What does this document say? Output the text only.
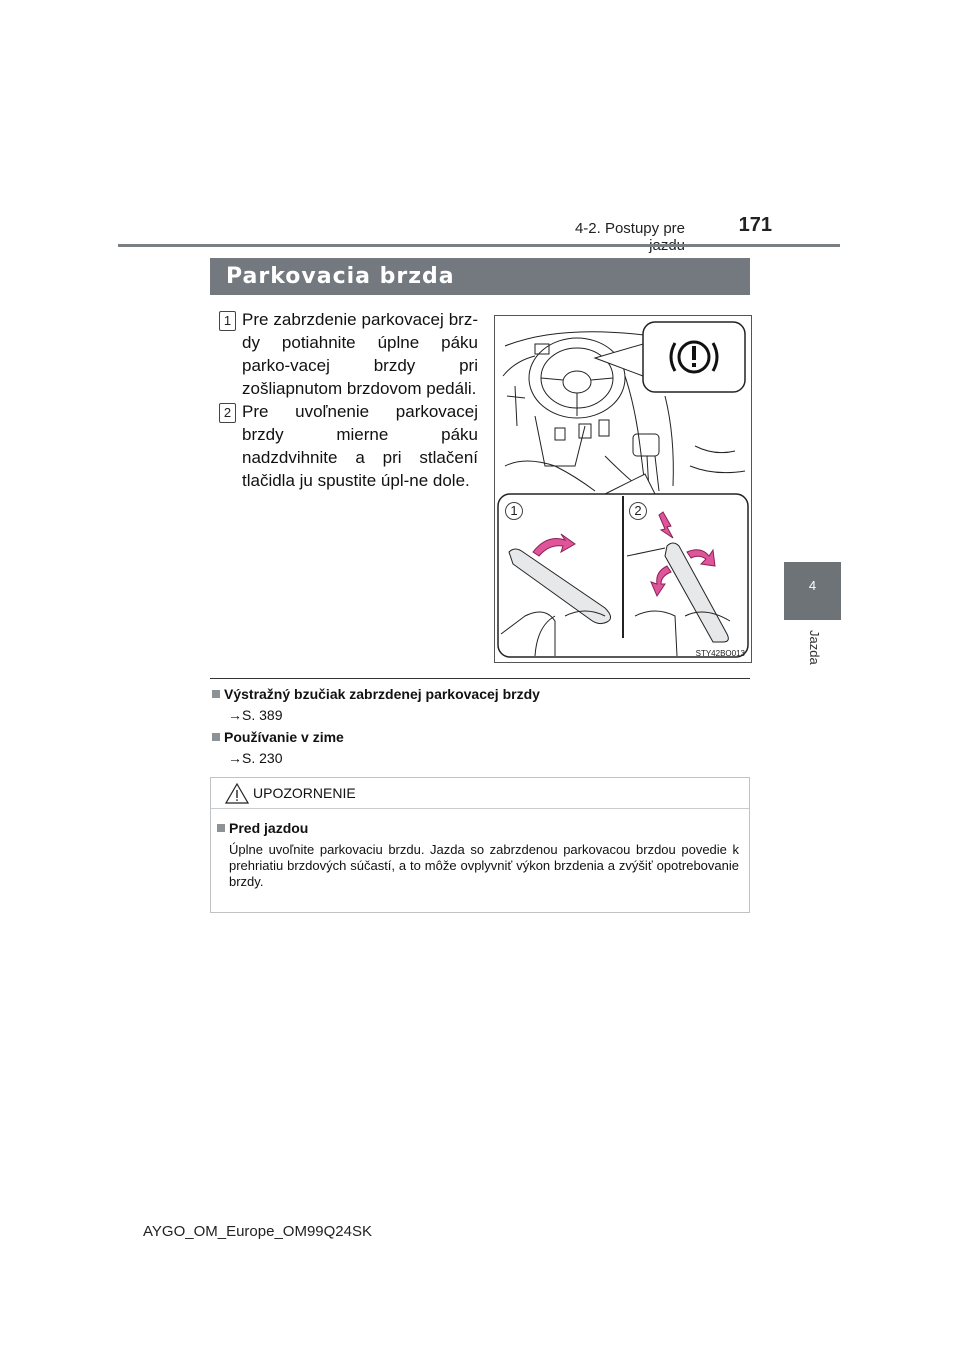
4-2. Postupy pre	171
4
Jazda
Parkovacia brzda
1 Pre zabrzdenie parkovacej brz-dy potiahnite úplne páku parko-vacej brzdy pri zošliapnutom brzdovom pedáli.
2 Pre uvoľnenie parkovacej brzdy mierne páku nadzdvihnite a pri stlačení tlačidla ju spustite úpl-ne dole.
1	2
STY42BO013
Výstražný bzučiak zabrzdenej parkovacej brzdy
→S. 389
Používanie v zime
→S. 230
UPOZORNENIE
Pred jazdou
Úplne uvoľnite parkovaciu brzdu. Jazda so zabrzdenou parkovacou brzdou povedie k prehriatiu brzdových súčastí, a to môže ovplyvniť výkon brzdenia a zvýšiť opotrebovanie brzdy.
AYGO_OM_Europe_OM99Q24SK
